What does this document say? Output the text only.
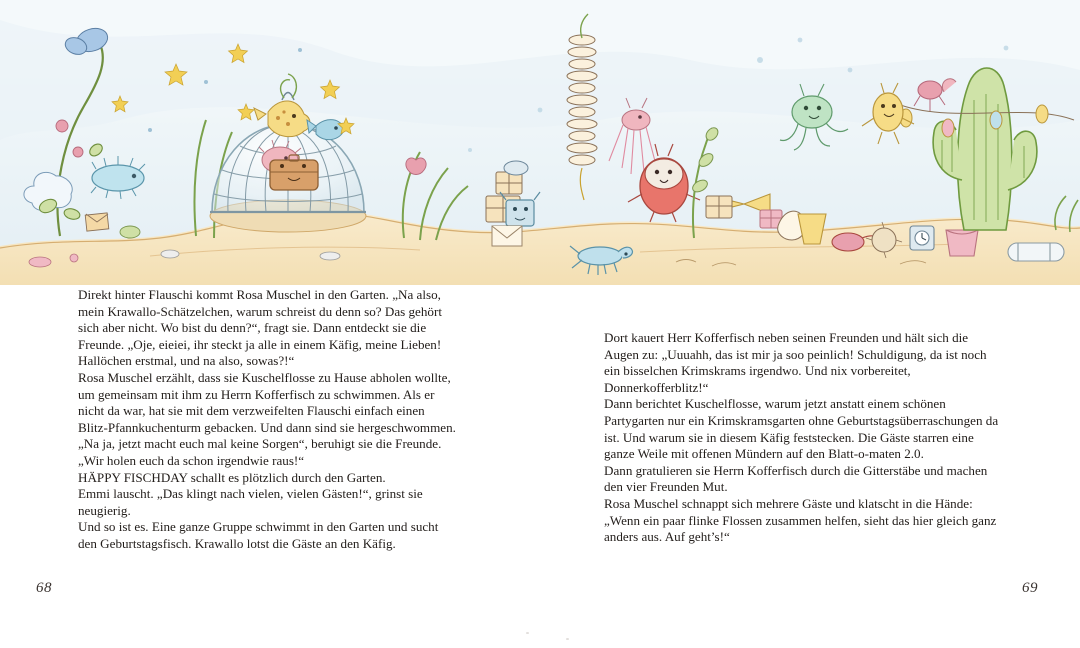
Direkt hinter Flauschi kommt Rosa Muschel in den Garten. „Na also, mein Krawallo-Schätzelchen, warum schreist du denn so? Das gehört sich aber nicht. Wo bist du denn?“, fragt sie. Dann entdeckt sie die Freunde. „Oje, eieiei, ihr steckt ja alle in einem Käfig, meine Lieben! Hallöchen erstmal, und na also, sowas?!“

Rosa Muschel erzählt, dass sie Kuschelflosse zu Hause abholen wollte, um gemeinsam mit ihm zu Herrn Kofferfisch zu schwimmen. Als er nicht da war, hat sie mit dem verzweifelten Flauschi einfach einen Blitz-Pfannkuchenturm gebacken. Und dann sind sie hergeschwommen.

„Na ja, jetzt macht euch mal keine Sorgen“, beruhigt sie die Freunde. „Wir holen euch da schon irgendwie raus!“

HÄPPY FISCHDAY schallt es plötzlich durch den Garten.

Emmi lauscht. „Das klingt nach vielen, vielen Gästen!“, grinst sie neugierig.

Und so ist es. Eine ganze Gruppe schwimmt in den Garten und sucht den Geburtstagsfisch. Krawallo lotst die Gäste an den Käfig.

Dort kauert Herr Kofferfisch neben seinen Freunden und hält sich die Augen zu: „Uuuahh, das ist mir ja soo peinlich! Schuldigung, da ist noch ein bisselchen Krimskrams irgendwo. Und nix vorbereitet, Donnerkofferblitz!“

Dann berichtet Kuschelflosse, warum jetzt anstatt einem schönen Partygarten nur ein Krimskramsgarten ohne Geburtstagsüberraschungen da ist. Und warum sie in diesem Käfig feststecken. Die Gäste starren eine ganze Weile mit offenen Mündern auf den Blatt-o-maten 2.0.

Dann gratulieren sie Herrn Kofferfisch durch die Gitterstäbe und machen den vier Freunden Mut.

Rosa Muschel schnappt sich mehrere Gäste und klatscht in die Hände: „Wenn ein paar flinke Flossen zusammen helfen, sieht das hier gleich ganz anders aus. Auf geht’s!“

68	69
